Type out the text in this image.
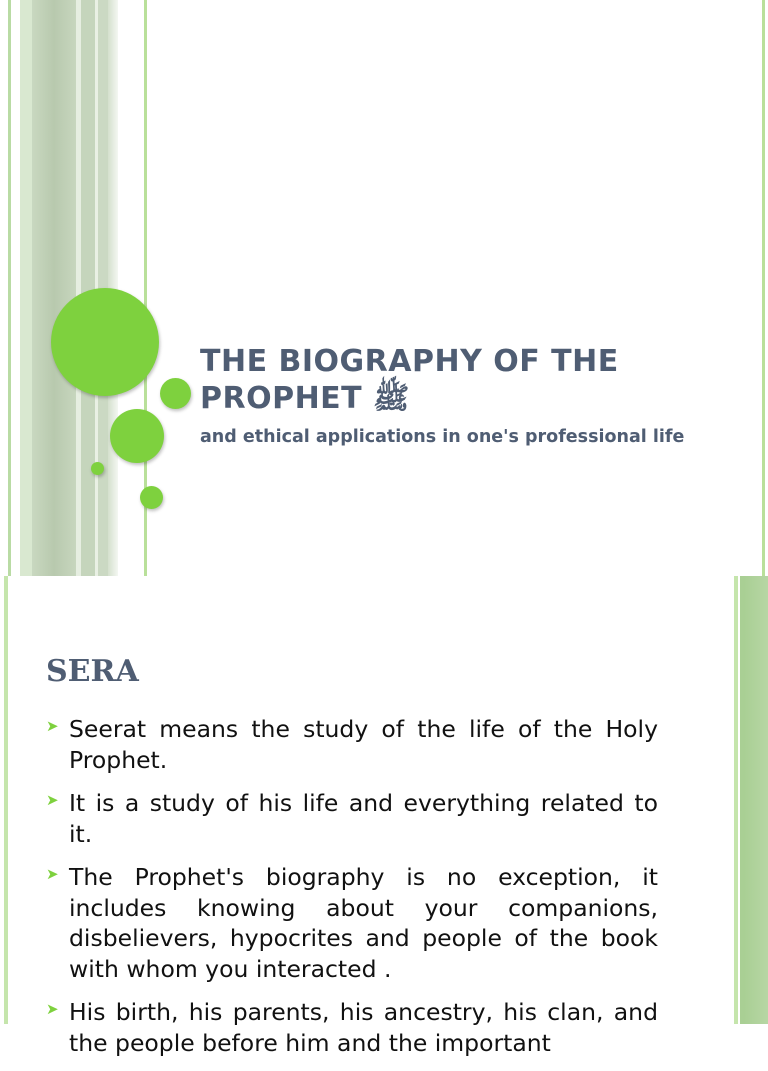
THE BIOGRAPHY OF THE PROPHET ﷺ

and ethical applications in one's professional life

SERA
➤ Seerat means the study of the life of the Holy Prophet.
➤ It is a study of his life and everything related to it.
➤ The Prophet's biography is no exception, it includes knowing about your companions, disbelievers, hypocrites and people of the book with whom you interacted .
➤ His birth, his parents, his ancestry, his clan, and the people before him and the important
